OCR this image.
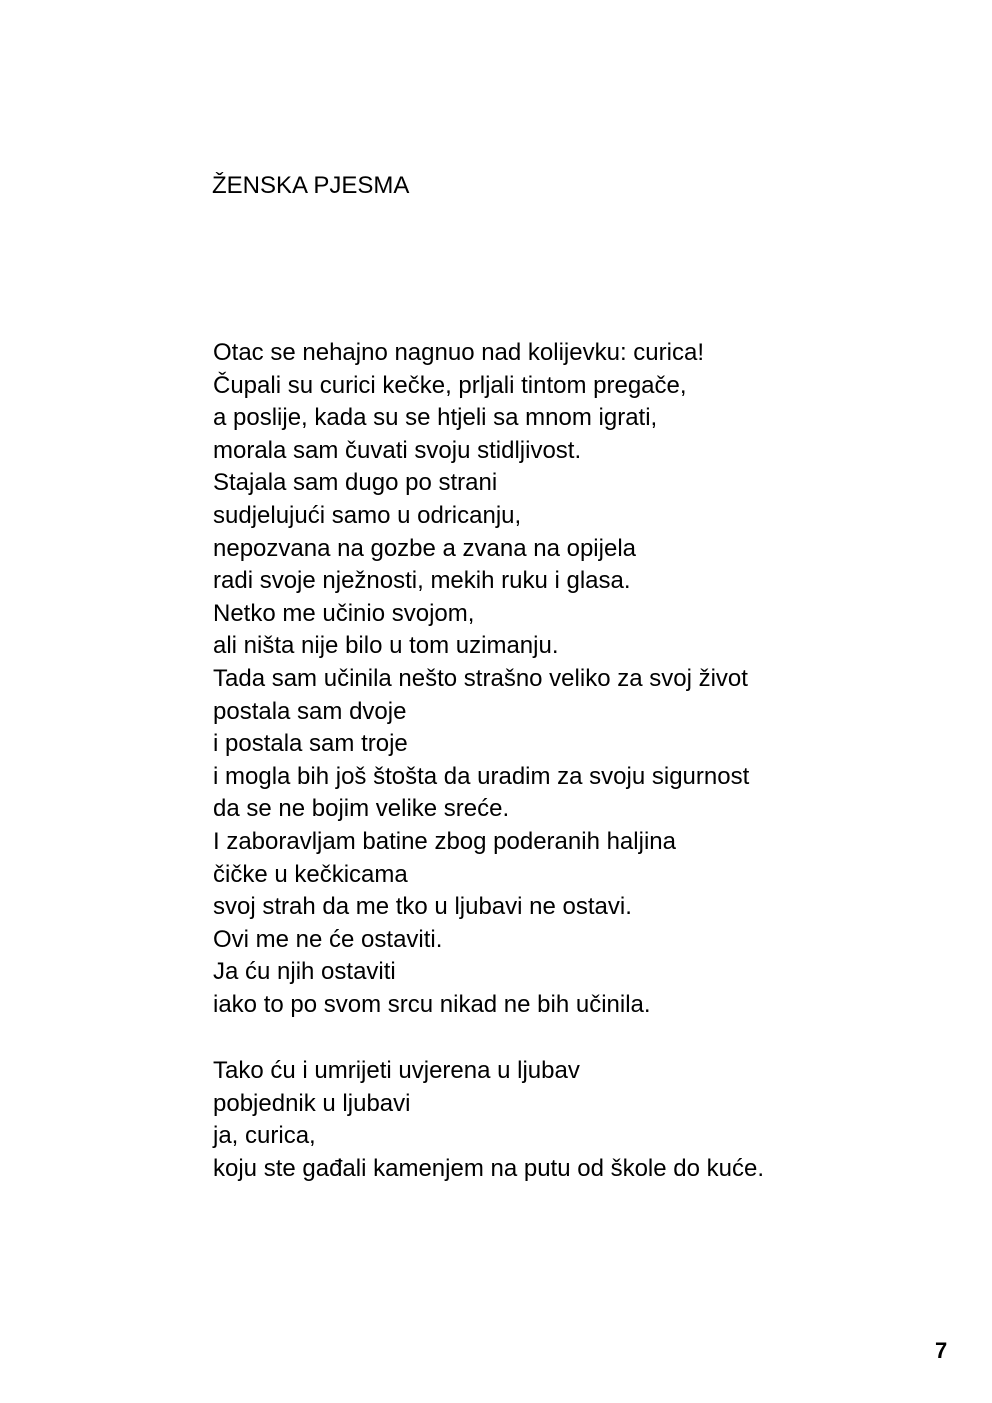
ŽENSKA PJESMA
Otac se nehajno nagnuo nad kolijevku: curica!
Čupali su curici kečke, prljali tintom pregače,
a poslije, kada su se htjeli sa mnom igrati,
morala sam čuvati svoju stidljivost.
Stajala sam dugo po strani
sudjelujući samo u odricanju,
nepozvana na gozbe a zvana na opijela
radi svoje nježnosti, mekih ruku i glasa.
Netko me učinio svojom,
ali ništa nije bilo u tom uzimanju.
Tada sam učinila nešto strašno veliko za svoj život
postala sam dvoje
i postala sam troje
i mogla bih još štošta da uradim za svoju sigurnost
da se ne bojim velike sreće.
I zaboravljam batine zbog poderanih haljina
čičke u kečkicama
svoj strah da me tko u ljubavi ne ostavi.
Ovi me ne će ostaviti.
Ja ću njih ostaviti
iako to po svom srcu nikad ne bih učinila.
Tako ću i umrijeti uvjerena u ljubav
pobjednik u ljubavi
ja, curica,
koju ste gađali kamenjem na putu od škole do kuće.
7
